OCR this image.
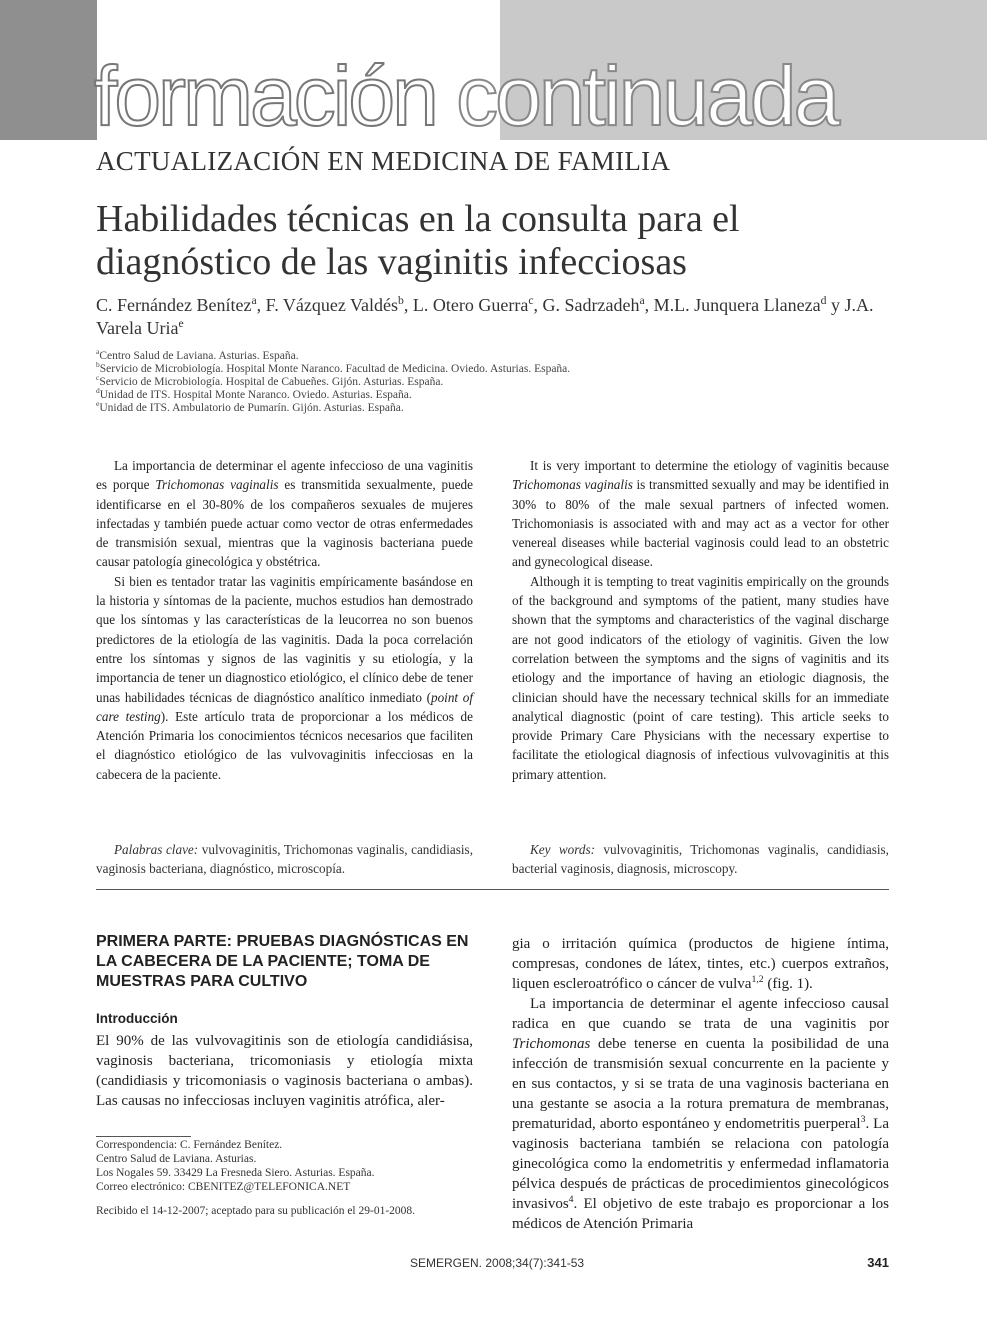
formación continuada
ACTUALIZACIÓN EN MEDICINA DE FAMILIA
Habilidades técnicas en la consulta para el diagnóstico de las vaginitis infecciosas
C. Fernández Benítez$^a$, F. Vázquez Valdés$^b$, L. Otero Guerra$^c$, G. Sadrzadeh$^a$, M.L. Junquera Llaneza$^d$ y J.A. Varela Uria$^e$
$^a$Centro Salud de Laviana. Asturias. España.
$^b$Servicio de Microbiología. Hospital Monte Naranco. Facultad de Medicina. Oviedo. Asturias. España.
$^c$Servicio de Microbiología. Hospital de Cabueñes. Gijón. Asturias. España.
$^d$Unidad de ITS. Hospital Monte Naranco. Oviedo. Asturias. España.
$^e$Unidad de ITS. Ambulatorio de Pumarín. Gijón. Asturias. España.

La importancia de determinar el agente infeccioso de una vaginitis es porque Trichomonas vaginalis es transmitida sexualmente, puede identificarse en el 30-80% de los compañeros sexuales de mujeres infectadas y también puede actuar como vector de otras enfermedades de transmisión sexual, mientras que la vaginosis bacteriana puede causar patología ginecológica y obstétrica.

Si bien es tentador tratar las vaginitis empíricamente basándose en la historia y síntomas de la paciente, muchos estudios han demostrado que los síntomas y las características de la leucorrea no son buenos predictores de la etiología de las vaginitis. Dada la poca correlación entre los síntomas y signos de las vaginitis y su etiología, y la importancia de tener un diagnostico etiológico, el clínico debe de tener unas habilidades técnicas de diagnóstico analítico inmediato (point of care testing). Este artículo trata de proporcionar a los médicos de Atención Primaria los conocimientos técnicos necesarios que faciliten el diagnóstico etiológico de las vulvovaginitis infecciosas en la cabecera de la paciente.

It is very important to determine the etiology of vaginitis because Trichomonas vaginalis is transmitted sexually and may be identified in 30% to 80% of the male sexual partners of infected women. Trichomoniasis is associated with and may act as a vector for other venereal diseases while bacterial vaginosis could lead to an obstetric and gynecological disease.

Although it is tempting to treat vaginitis empirically on the grounds of the background and symptoms of the patient, many studies have shown that the symptoms and characteristics of the vaginal discharge are not good indicators of the etiology of vaginitis. Given the low correlation between the symptoms and the signs of vaginitis and its etiology and the importance of having an etiologic diagnosis, the clinician should have the necessary technical skills for an immediate analytical diagnostic (point of care testing). This article seeks to provide Primary Care Physicians with the necessary expertise to facilitate the etiological diagnosis of infectious vulvovaginitis at this primary attention.

Palabras clave: vulvovaginitis, Trichomonas vaginalis, candidiasis, vaginosis bacteriana, diagnóstico, microscopía.
Key words: vulvovaginitis, Trichomonas vaginalis, candidiasis, bacterial vaginosis, diagnosis, microscopy.
PRIMERA PARTE: PRUEBAS DIAGNÓSTICAS EN LA CABECERA DE LA PACIENTE; TOMA DE MUESTRAS PARA CULTIVO
Introducción

El 90% de las vulvovagitinis son de etiología candidiásisa, vaginosis bacteriana, tricomoniasis y etiología mixta (candidiasis y tricomoniasis o vaginosis bacteriana o ambas). Las causas no infecciosas incluyen vaginitis atrófica, aler-

gia o irritación química (productos de higiene íntima, compresas, condones de látex, tintes, etc.) cuerpos extraños, liquen escleroatrófico o cáncer de vulva$^{1,2}$ (fig. 1).

La importancia de determinar el agente infeccioso causal radica en que cuando se trata de una vaginitis por Trichomonas debe tenerse en cuenta la posibilidad de una infección de transmisión sexual concurrente en la paciente y en sus contactos, y si se trata de una vaginosis bacteriana en una gestante se asocia a la rotura prematura de membranas, prematuridad, aborto espontáneo y endometritis puerperal$^3$. La vaginosis bacteriana también se relaciona con patología ginecológica como la endometritis y enfermedad inflamatoria pélvica después de prácticas de procedimientos ginecológicos invasivos$^4$. El objetivo de este trabajo es proporcionar a los médicos de Atención Primaria

Correspondencia: C. Fernández Benítez.
Centro Salud de Laviana. Asturias.
Los Nogales 59. 33429 La Fresneda Siero. Asturias. España.
Correo electrónico: CBENITEZ@TELEFONICA.NET
Recibido el 14-12-2007; aceptado para su publicación el 29-01-2008.
SEMERGEN. 2008;34(7):341-53	341
